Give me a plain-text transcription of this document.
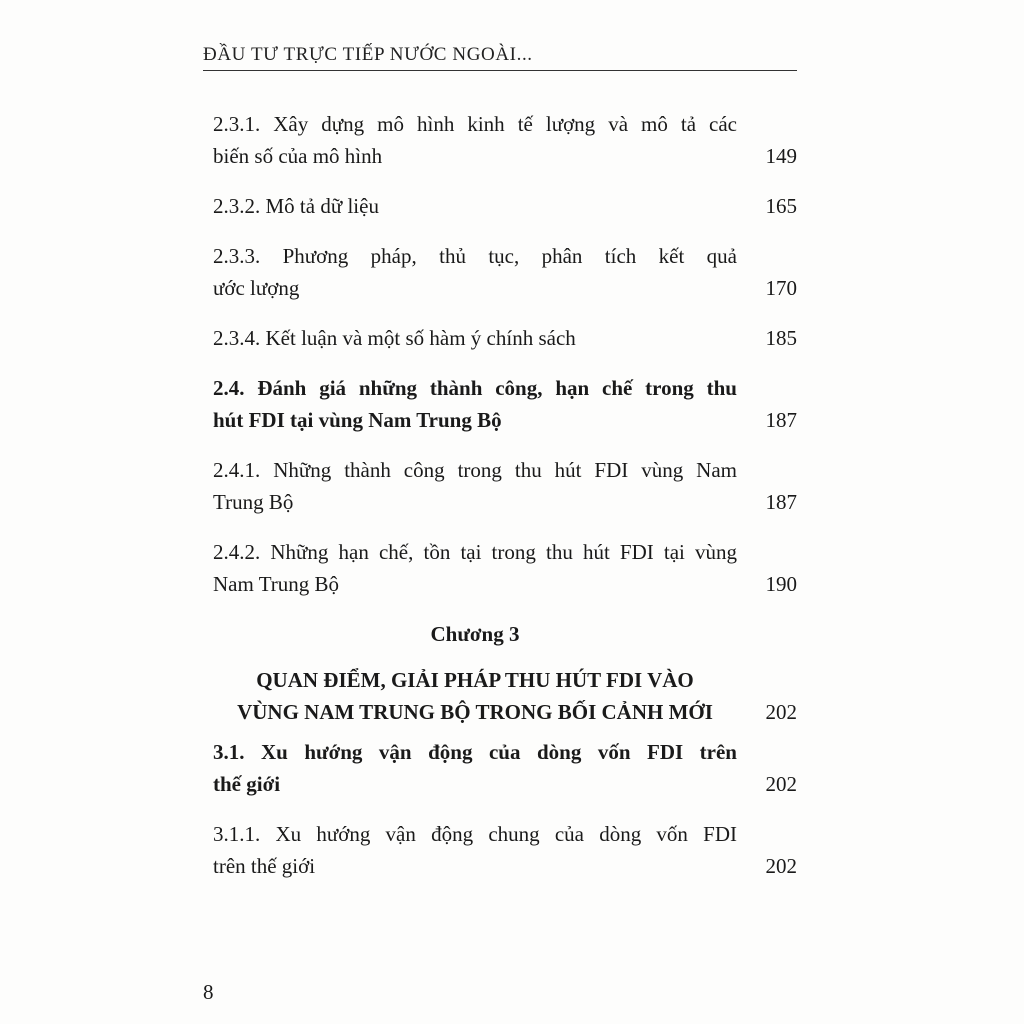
ĐẦU TƯ TRỰC TIẾP NƯỚC NGOÀI...
2.3.1. Xây dựng mô hình kinh tế lượng và mô tả các
biến số của mô hình	149
2.3.2. Mô tả dữ liệu	165
2.3.3. Phương pháp, thủ tục, phân tích kết quả
ước lượng	170
2.3.4. Kết luận và một số hàm ý chính sách	185
2.4. Đánh giá những thành công, hạn chế trong thu
hút FDI tại vùng Nam Trung Bộ	187
2.4.1. Những thành công trong thu hút FDI vùng Nam
Trung Bộ	187
2.4.2. Những hạn chế, tồn tại trong thu hút FDI tại vùng
Nam Trung Bộ	190
Chương 3
QUAN ĐIỂM, GIẢI PHÁP THU HÚT FDI VÀO
VÙNG NAM TRUNG BỘ TRONG BỐI CẢNH MỚI	202
3.1. Xu hướng vận động của dòng vốn FDI trên
thế giới	202
3.1.1. Xu hướng vận động chung của dòng vốn FDI
trên thế giới	202
8
